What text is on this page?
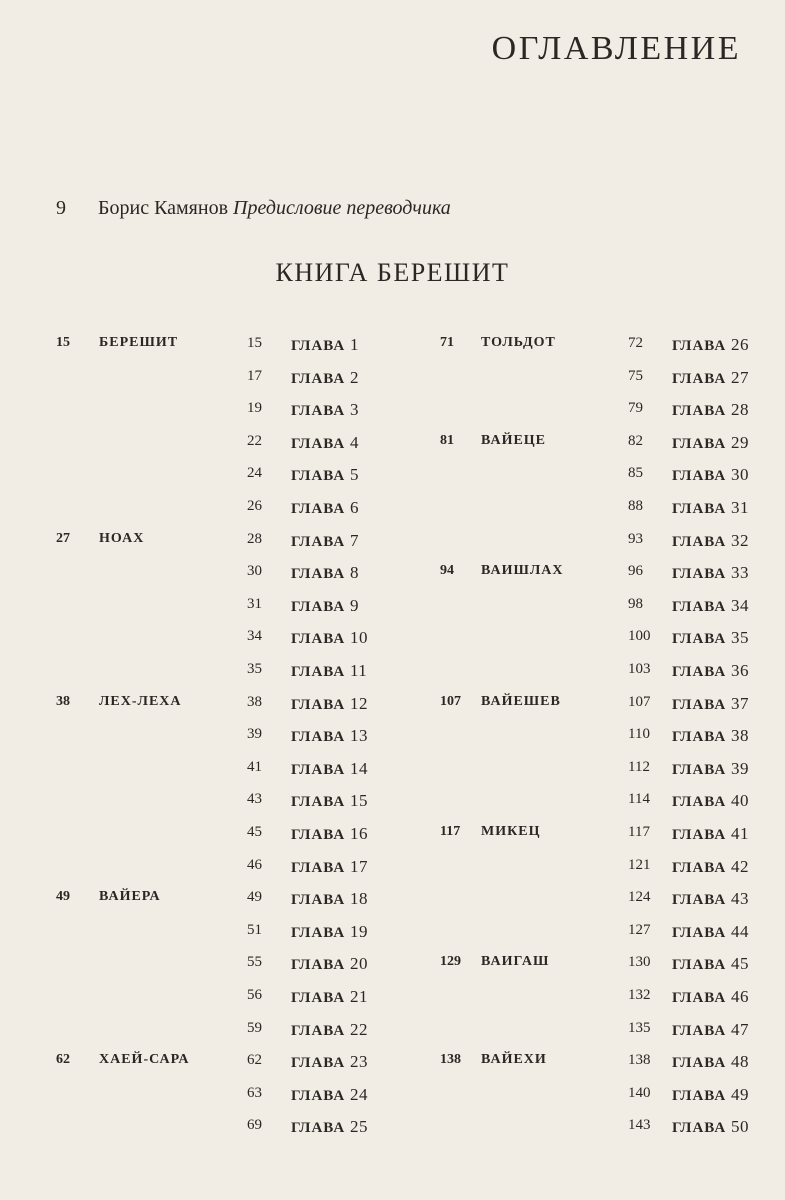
ОГЛАВЛЕНИЕ
9 Борис Камянов Предисловие переводчика
КНИГА БЕРЕШИТ
15 БЕРЕШИТ	15 ГЛАВА 1	71 ТОЛЬДОТ	72 ГЛАВА 26
17 ГЛАВА 2	75 ГЛАВА 27
19 ГЛАВА 3	79 ГЛАВА 28
22 ГЛАВА 4	81 ВАЙЕЦЕ	82 ГЛАВА 29
24 ГЛАВА 5	85 ГЛАВА 30
26 ГЛАВА 6	88 ГЛАВА 31
27 НОАХ	28 ГЛАВА 7	93 ГЛАВА 32
30 ГЛАВА 8	94 ВАИШЛАХ	96 ГЛАВА 33
31 ГЛАВА 9	98 ГЛАВА 34
34 ГЛАВА 10	100 ГЛАВА 35
35 ГЛАВА 11	103 ГЛАВА 36
38 ЛЕХ-ЛЕХА	38 ГЛАВА 12	107 ВАЙЕШЕВ	107 ГЛАВА 37
39 ГЛАВА 13	110 ГЛАВА 38
41 ГЛАВА 14	112 ГЛАВА 39
43 ГЛАВА 15	114 ГЛАВА 40
45 ГЛАВА 16	117 МИКЕЦ	117 ГЛАВА 41
46 ГЛАВА 17	121 ГЛАВА 42
49 ВАЙЕРА	49 ГЛАВА 18	124 ГЛАВА 43
51 ГЛАВА 19	127 ГЛАВА 44
55 ГЛАВА 20	129 ВАИГАШ	130 ГЛАВА 45
56 ГЛАВА 21	132 ГЛАВА 46
59 ГЛАВА 22	135 ГЛАВА 47
62 ХАЕЙ-САРА	62 ГЛАВА 23	138 ВАЙЕХИ	138 ГЛАВА 48
63 ГЛАВА 24	140 ГЛАВА 49
69 ГЛАВА 25	143 ГЛАВА 50
